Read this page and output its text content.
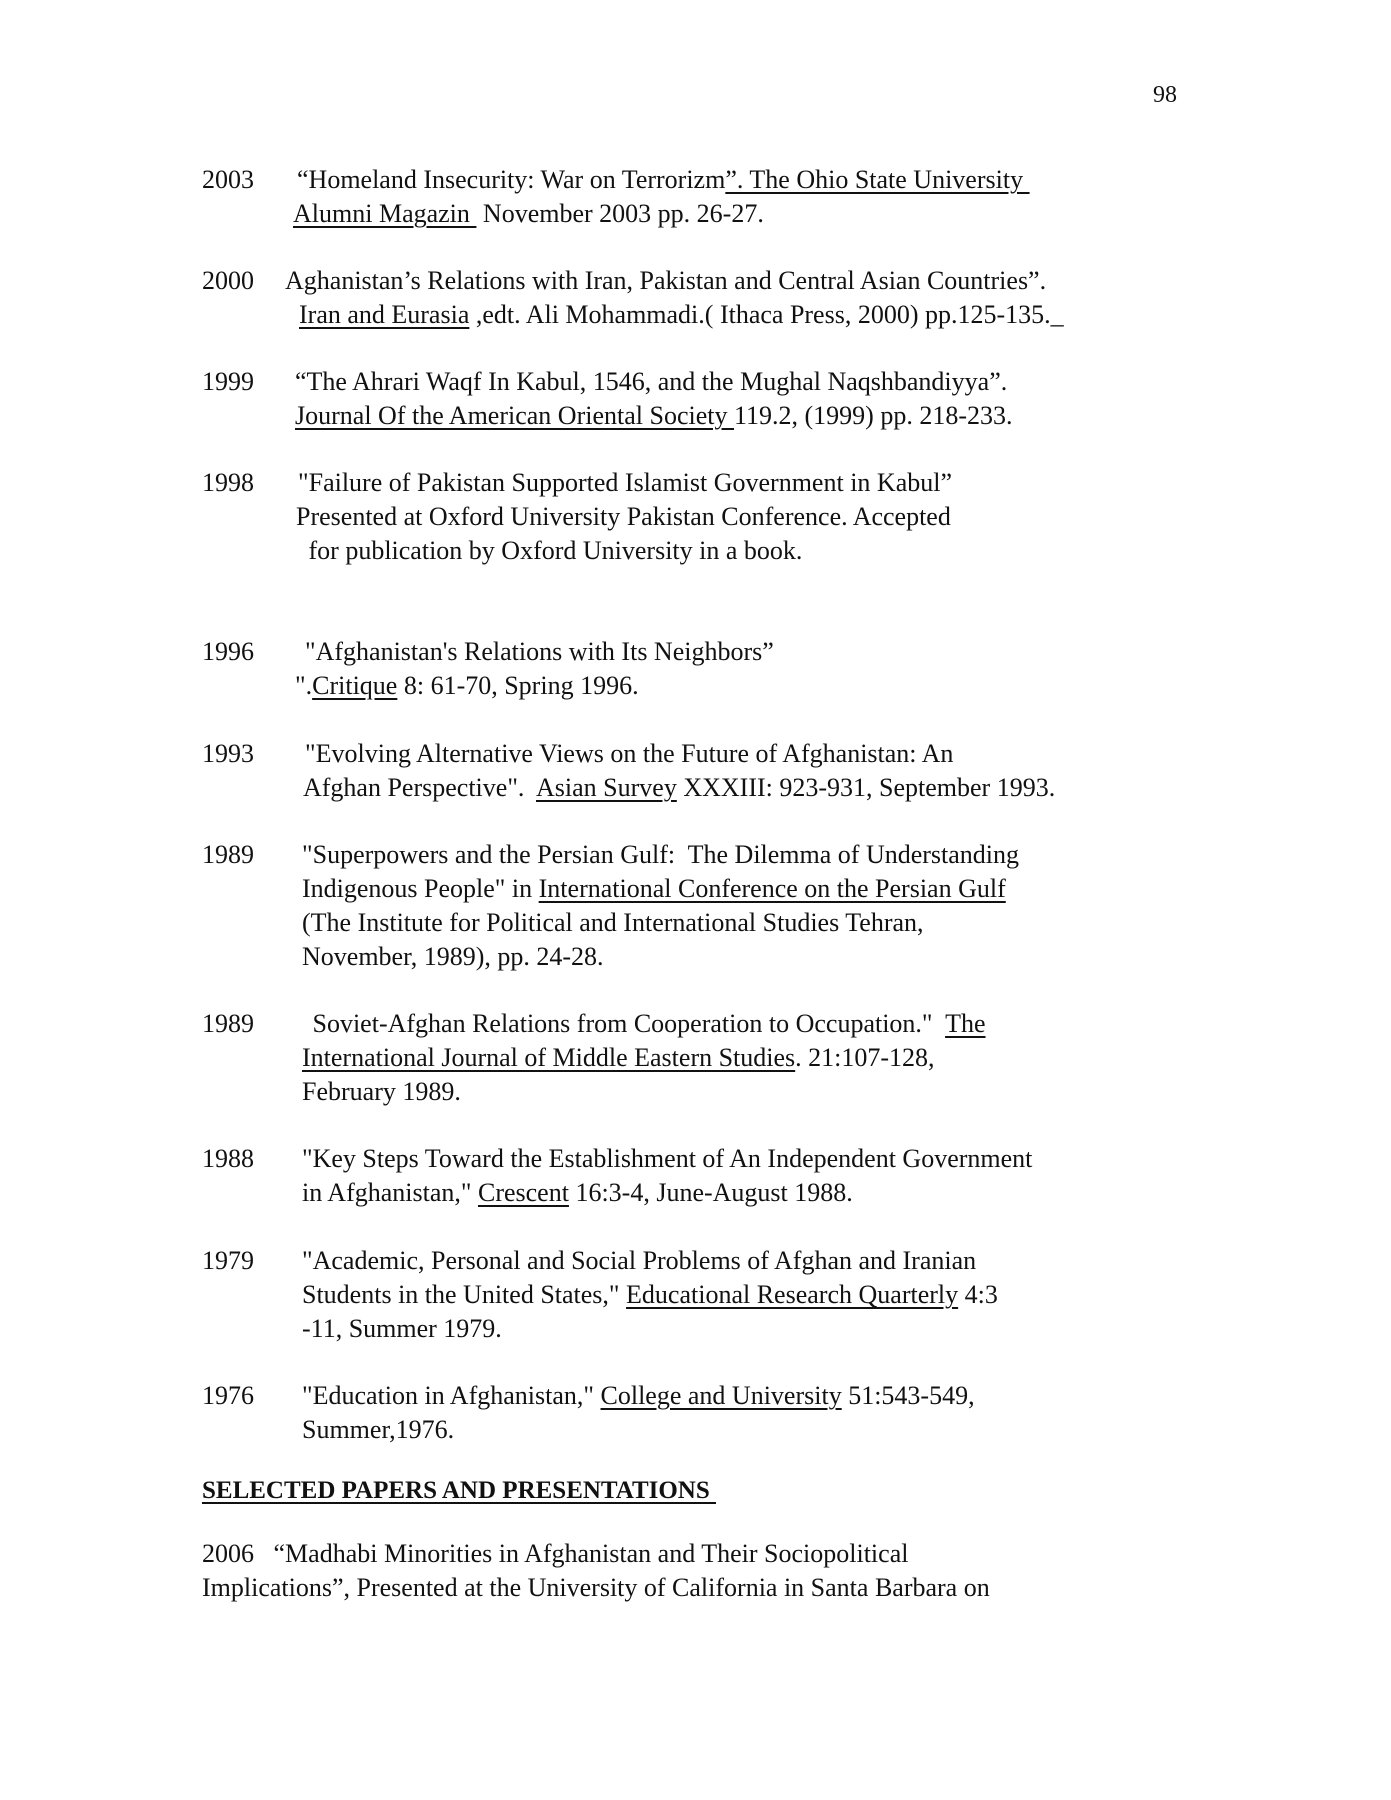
98
2003 “Homeland Insecurity: War on Terrorizm”. The Ohio State University
Alumni Magazin  November 2003 pp. 26-27.
2000 Aghanistan’s Relations with Iran, Pakistan and Central Asian Countries”.
Iran and Eurasia ,edt. Ali Mohammadi.( Ithaca Press, 2000) pp.125-135._
1999 “The Ahrari Waqf In Kabul, 1546, and the Mughal Naqshbandiyya”.
Journal Of the American Oriental Society 119.2, (1999) pp. 218-233.
1998 "Failure of Pakistan Supported Islamist Government in Kabul”
Presented at Oxford University Pakistan Conference. Accepted
for publication by Oxford University in a book.
1996 "Afghanistan's Relations with Its Neighbors”
".Critique 8: 61-70, Spring 1996.
1993 "Evolving Alternative Views on the Future of Afghanistan: An
Afghan Perspective".  Asian Survey XXXIII: 923-931, September 1993.
1989 "Superpowers and the Persian Gulf:  The Dilemma of Understanding
Indigenous People" in International Conference on the Persian Gulf
(The Institute for Political and International Studies Tehran,
November, 1989), pp. 24-28.
1989 Soviet-Afghan Relations from Cooperation to Occupation."  The
International Journal of Middle Eastern Studies. 21:107-128,
February 1989.
1988 "Key Steps Toward the Establishment of An Independent Government
in Afghanistan," Crescent 16:3-4, June-August 1988.
1979 "Academic, Personal and Social Problems of Afghan and Iranian
Students in the United States," Educational Research Quarterly 4:3
-11, Summer 1979.
1976 "Education in Afghanistan," College and University 51:543-549,
Summer,1976.
SELECTED PAPERS AND PRESENTATIONS
2006   “Madhabi Minorities in Afghanistan and Their Sociopolitical
Implications”, Presented at the University of California in Santa Barbara on
